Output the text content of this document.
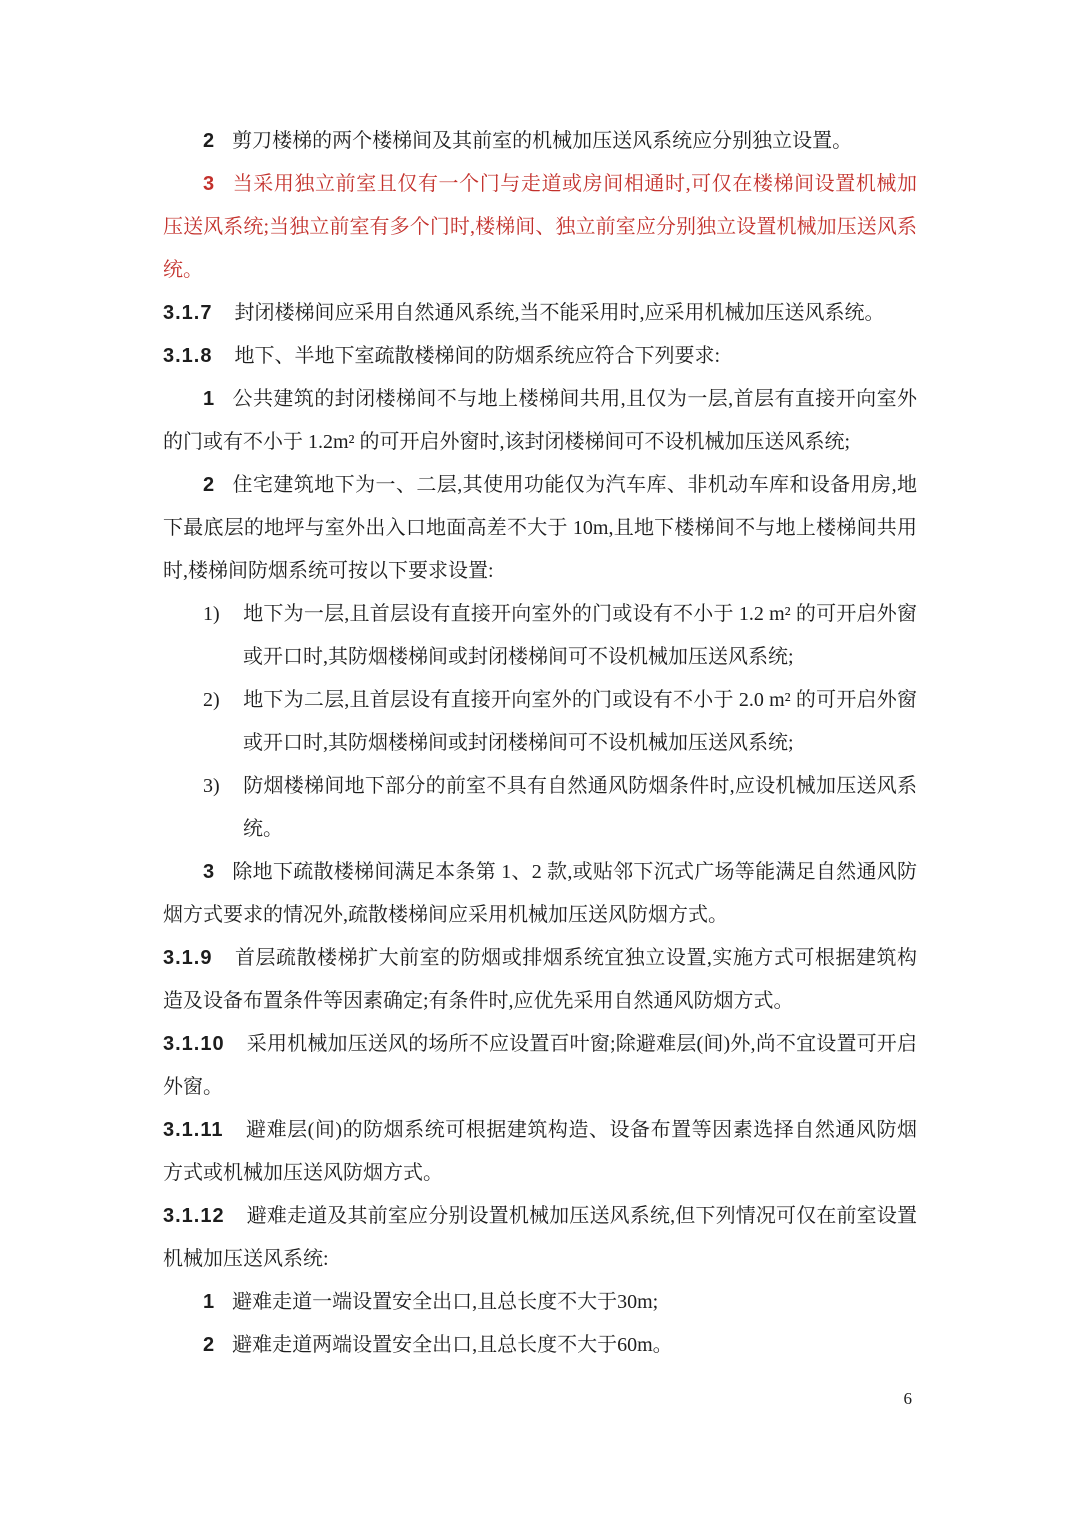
2 剪刀楼梯的两个楼梯间及其前室的机械加压送风系统应分别独立设置。

3 当采用独立前室且仅有一个门与走道或房间相通时,可仅在楼梯间设置机械加压送风系统;当独立前室有多个门时,楼梯间、独立前室应分别独立设置机械加压送风系统。

3.1.7 封闭楼梯间应采用自然通风系统,当不能采用时,应采用机械加压送风系统。

3.1.8 地下、半地下室疏散楼梯间的防烟系统应符合下列要求:

1 公共建筑的封闭楼梯间不与地上楼梯间共用,且仅为一层,首层有直接开向室外的门或有不小于 1.2m² 的可开启外窗时,该封闭楼梯间可不设机械加压送风系统;

2 住宅建筑地下为一、二层,其使用功能仅为汽车库、非机动车库和设备用房,地下最底层的地坪与室外出入口地面高差不大于 10m,且地下楼梯间不与地上楼梯间共用时,楼梯间防烟系统可按以下要求设置:

1) 地下为一层,且首层设有直接开向室外的门或设有不小于 1.2 m² 的可开启外窗或开口时,其防烟楼梯间或封闭楼梯间可不设机械加压送风系统;

2) 地下为二层,且首层设有直接开向室外的门或设有不小于 2.0 m² 的可开启外窗或开口时,其防烟楼梯间或封闭楼梯间可不设机械加压送风系统;

3) 防烟楼梯间地下部分的前室不具有自然通风防烟条件时,应设机械加压送风系统。

3 除地下疏散楼梯间满足本条第 1、2 款,或贴邻下沉式广场等能满足自然通风防烟方式要求的情况外,疏散楼梯间应采用机械加压送风防烟方式。

3.1.9 首层疏散楼梯扩大前室的防烟或排烟系统宜独立设置,实施方式可根据建筑构造及设备布置条件等因素确定;有条件时,应优先采用自然通风防烟方式。

3.1.10 采用机械加压送风的场所不应设置百叶窗;除避难层(间)外,尚不宜设置可开启外窗。

3.1.11 避难层(间)的防烟系统可根据建筑构造、设备布置等因素选择自然通风防烟方式或机械加压送风防烟方式。

3.1.12 避难走道及其前室应分别设置机械加压送风系统,但下列情况可仅在前室设置机械加压送风系统:

1 避难走道一端设置安全出口,且总长度不大于30m;

2 避难走道两端设置安全出口,且总长度不大于60m。

6
